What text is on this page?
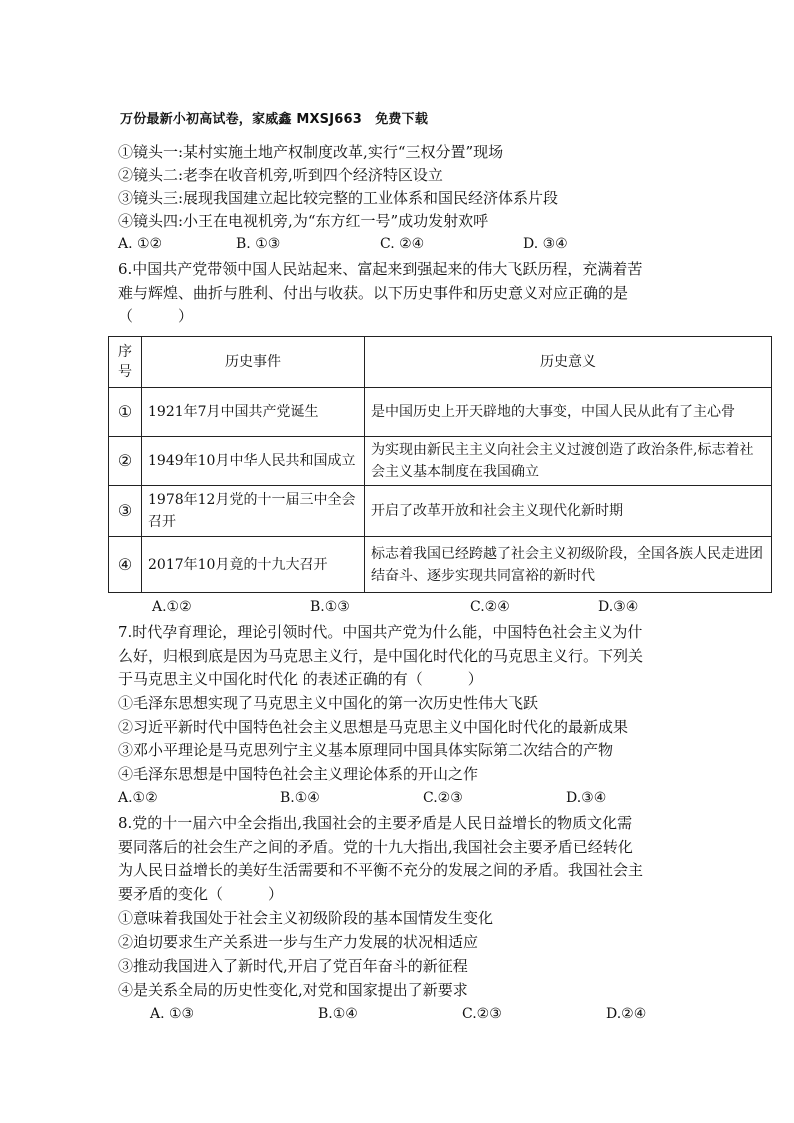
万份最新小初高试卷，家威鑫 MXSJ663　免费下载
①镜头一:某村实施土地产权制度改革,实行“三权分置”现场
②镜头二:老李在收音机旁,听到四个经济特区设立
③镜头三:展现我国建立起比较完整的工业体系和国民经济体系片段
④镜头四:小王在电视机旁,为“东方红一号”成功发射欢呼
A. ①②	B. ①③	C. ②④	D. ③④
6.中国共产党带领中国人民站起来、富起来到强起来的伟大飞跃历程，充满着苦
难与辉煌、曲折与胜利、付出与收获。以下历史事件和历史意义对应正确的是
（　　　）
序号	历史事件	历史意义
①	1921年7月中国共产党诞生	是中国历史上开天辟地的大事变，中国人民从此有了主心骨
②	1949年10月中华人民共和国成立	为实现由新民主主义向社会主义过渡创造了政治条件,标志着社会主义基本制度在我国确立
③	1978年12月党的十一届三中全会召开	开启了改革开放和社会主义现代化新时期
④	2017年10月竟的十九大召开	标志着我国已经跨越了社会主义初级阶段，全国各族人民走进团结奋斗、逐步实现共同富裕的新时代
A.①②	B.①③	C.②④	D.③④
7.时代孕育理论，理论引领时代。中国共产党为什么能，中国特色社会主义为什
么好，归根到底是因为马克思主义行，是中国化时代化的马克思主义行。下列关
于马克思主义中国化时代化 的表述正确的有（　　　）
①毛泽东思想实现了马克思主义中国化的第一次历史性伟大飞跃
②习近平新时代中国特色社会主义思想是马克思主义中国化时代化的最新成果
③邓小平理论是马克思列宁主义基本原理同中国具体实际第二次结合的产物
④毛泽东思想是中国特色社会主义理论体系的开山之作
A.①②	B.①④	C.②③	D.③④
8.党的十一届六中全会指出,我国社会的主要矛盾是人民日益增长的物质文化需
要同落后的社会生产之间的矛盾。党的十九大指出,我国社会主要矛盾已经转化
为人民日益增长的美好生活需要和不平衡不充分的发展之间的矛盾。我国社会主
要矛盾的变化（　　　）
①意味着我国处于社会主义初级阶段的基本国情发生变化
②迫切要求生产关系进一步与生产力发展的状况相适应
③推动我国进入了新时代,开启了党百年奋斗的新征程
④是关系全局的历史性变化,对党和国家提出了新要求
A. ①③	B.①④	C.②③	D.②④
